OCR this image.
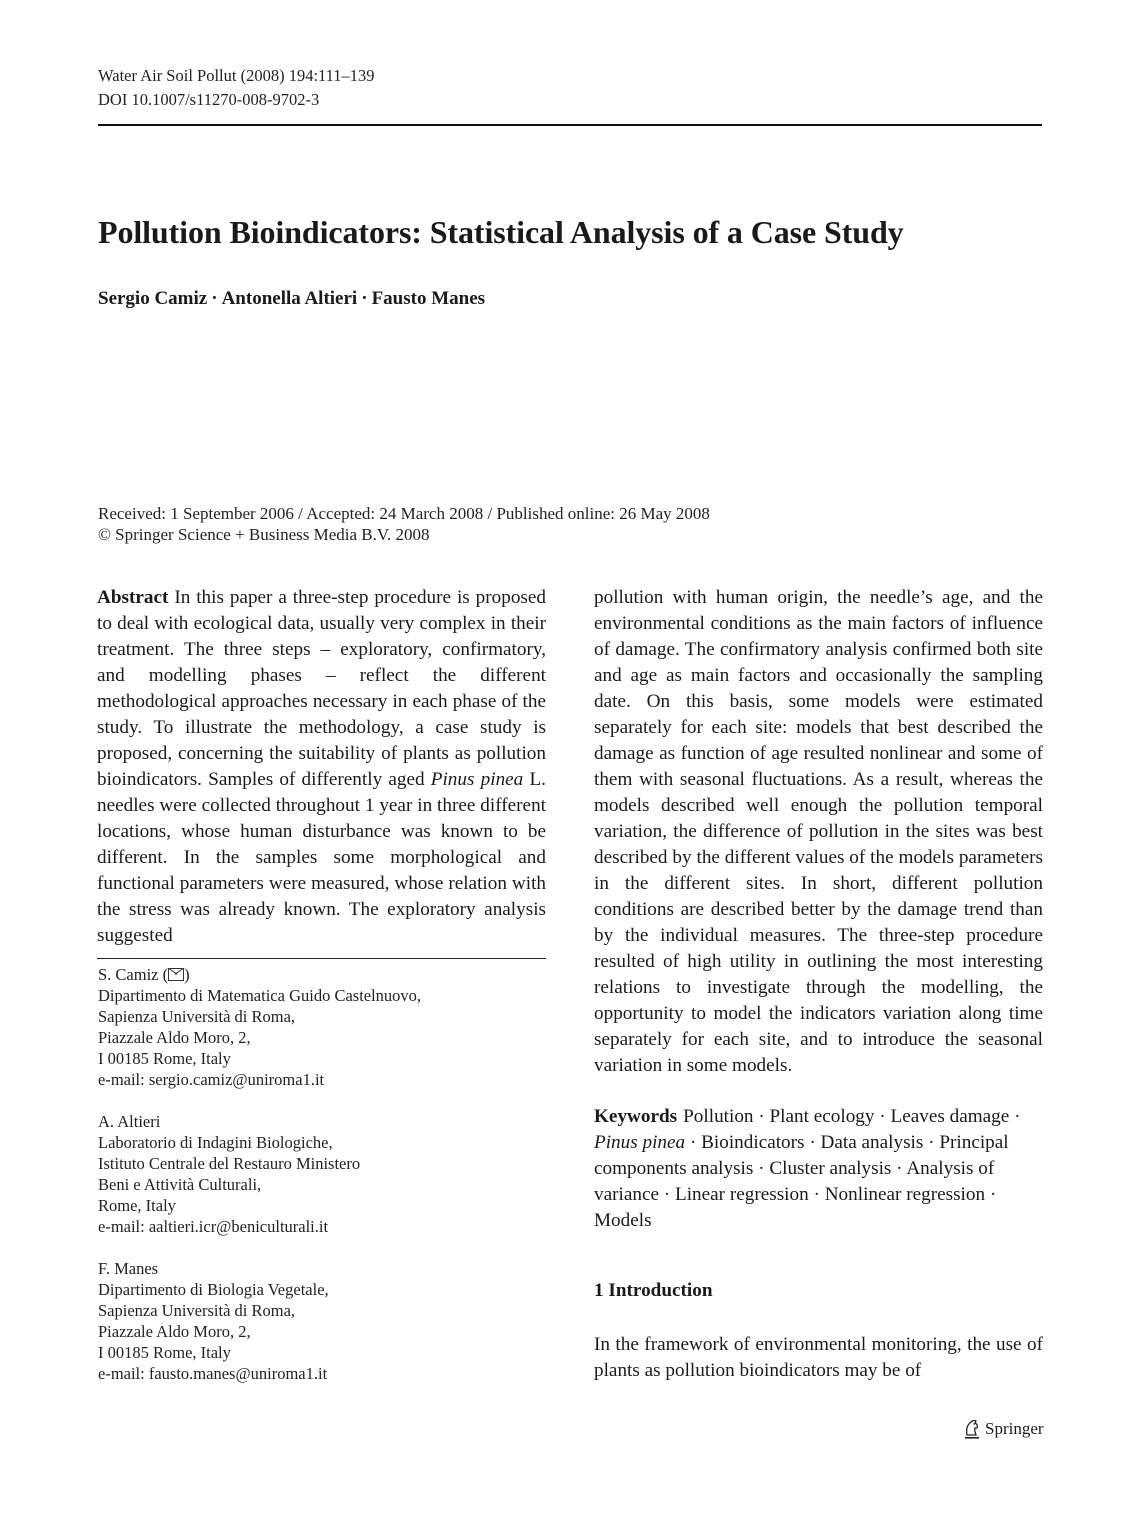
Water Air Soil Pollut (2008) 194:111–139
DOI 10.1007/s11270-008-9702-3
Pollution Bioindicators: Statistical Analysis of a Case Study
Sergio Camiz · Antonella Altieri · Fausto Manes
Received: 1 September 2006 / Accepted: 24 March 2008 / Published online: 26 May 2008
© Springer Science + Business Media B.V. 2008

Abstract In this paper a three-step procedure is proposed to deal with ecological data, usually very complex in their treatment. The three steps – exploratory, confirmatory, and modelling phases – reflect the different methodological approaches necessary in each phase of the study. To illustrate the methodology, a case study is proposed, concerning the suitability of plants as pollution bioindicators. Samples of differently aged Pinus pinea L. needles were collected throughout 1 year in three different locations, whose human disturbance was known to be different. In the samples some morphological and functional parameters were measured, whose relation with the stress was already known. The exploratory analysis suggested

S. Camiz ( )
Dipartimento di Matematica Guido Castelnuovo,
Sapienza Università di Roma,
Piazzale Aldo Moro, 2,
I 00185 Rome, Italy
e-mail: sergio.camiz@uniroma1.it
A. Altieri
Laboratorio di Indagini Biologiche,
Istituto Centrale del Restauro Ministero
Beni e Attività Culturali,
Rome, Italy
e-mail: aaltieri.icr@beniculturali.it
F. Manes
Dipartimento di Biologia Vegetale,
Sapienza Università di Roma,
Piazzale Aldo Moro, 2,
I 00185 Rome, Italy
e-mail: fausto.manes@uniroma1.it

pollution with human origin, the needle’s age, and the environmental conditions as the main factors of influence of damage. The confirmatory analysis confirmed both site and age as main factors and occasionally the sampling date. On this basis, some models were estimated separately for each site: models that best described the damage as function of age resulted nonlinear and some of them with seasonal fluctuations. As a result, whereas the models described well enough the pollution temporal variation, the difference of pollution in the sites was best described by the different values of the models parameters in the different sites. In short, different pollution conditions are described better by the damage trend than by the individual measures. The three-step procedure resulted of high utility in outlining the most interesting relations to investigate through the modelling, the opportunity to model the indicators variation along time separately for each site, and to introduce the seasonal variation in some models.

Keywords Pollution · Plant ecology · Leaves damage · Pinus pinea · Bioindicators · Data analysis · Principal components analysis · Cluster analysis · Analysis of variance · Linear regression · Nonlinear regression · Models
1 Introduction

In the framework of environmental monitoring, the use of plants as pollution bioindicators may be of

Springer
